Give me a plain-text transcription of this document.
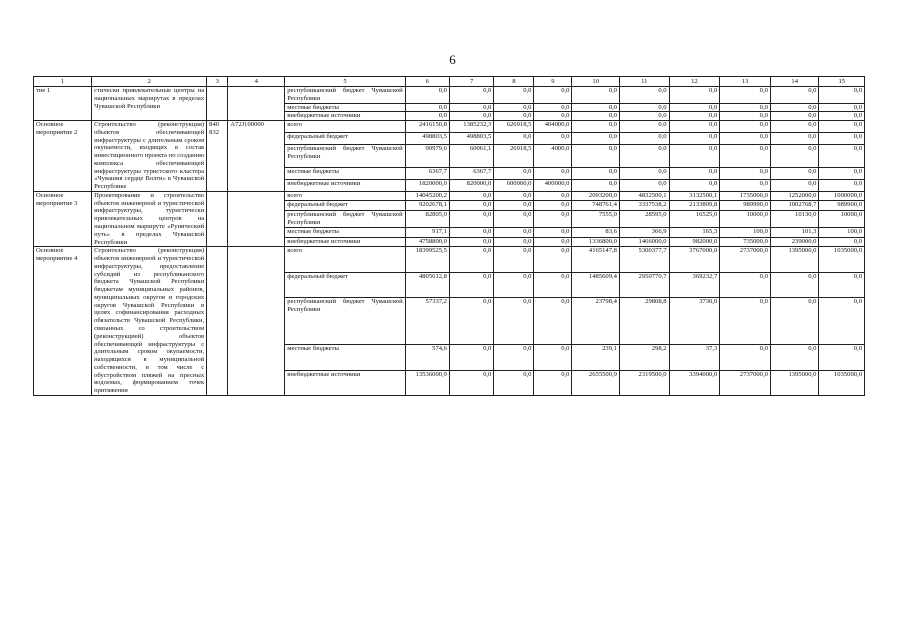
6
1	2	3	4	5	6	7	8	9	10	11	12	13	14	15
тие 1	стически привлекательные центры на национальных маршрутах в пределах Чувашской Республики			республиканский бюджет Чувашской Республики	0,0	0,0	0,0	0,0	0,0	0,0	0,0	0,0	0,0	0,0
				местные бюджеты	0,0	0,0	0,0	0,0	0,0	0,0	0,0	0,0	0,0	0,0
				внебюджетные источники	0,0	0,0	0,0	0,0	0,0	0,0	0,0	0,0	0,0	0,0
Основное мероприятие 2	Строительство (реконструкция) объектов обеспечивающей инфраструктуры с длительным сроком окупаемости, входящих в состав инвестиционного проекта по созданию комплекса обеспечивающей инфраструктуры туристского кластера «Чувашия сердце Волги» в Чувашской Республике	840 832	A72J100000	всего	2416150,8	1385232,3	626918,5	404000,0	0,0	0,0	0,0	0,0	0,0	0,0
				федеральный бюджет	498803,5	498803,5	0,0	0,0	0,0	0,0	0,0	0,0	0,0	0,0
				республиканский бюджет Чувашской Республики	90979,6	60061,1	26918,5	4000,0	0,0	0,0	0,0	0,0	0,0	0,0
				местные бюджеты	6367,7	6367,7	0,0	0,0	0,0	0,0	0,0	0,0	0,0	0,0
				внебюджетные источники	1820000,0	820000,0	600000,0	400000,0	0,0	0,0	0,0	0,0	0,0	0,0
Основное мероприятие 3	Проектирование и строительство объектов инженерной и туристической инфраструктуры, туристически привлекательных центров на национальном маршруте «Рунический путь» в пределах Чувашской Республики			всего	14045200,2	0,0	0,0	0,0	2093200,0	4832500,1	3132500,1	1735000,0	1252000,0	1000000,0
				федеральный бюджет	9202678,1	0,0	0,0	0,0	748761,4	3337538,2	2133809,8	989990,0	1002768,7	989900,0
				республиканский бюджет Чувашской Республики	82805,0	0,0	0,0	0,0	7555,0	28595,0	16525,0	10000,0	10130,0	10000,0
				местные бюджеты	917,1	0,0	0,0	0,0	83,6	366,9	165,3	100,0	101,3	100,0
				внебюджетные источники	4758800,0	0,0	0,0	0,0	1336800,0	1466000,0	982000,0	735000,0	239000,0	0,0
Основное мероприятие 4	Строительство (реконструкция) объектов инженерной и туристической инфраструктуры, предоставление субсидий из республиканского бюджета Чувашской Республики бюджетам муниципальных районов, муниципальных округов и городских округов Чувашской Республики в целях софинансирования расходных обязательств Чувашской Республики, связанных со строительством (реконструкцией) объектов обеспечивающей инфраструктуры с длительным сроком окупаемости, находящихся в муниципальной собственности, в том числе с обустройством пляжей на пресных водоемах, формированием точек притяжения			всего	18399525,5	0,0	0,0	0,0	4165147,8	5300377,7	3767000,0	2737000,0	1395000,0	1035000,0
				федеральный бюджет	4805612,8	0,0	0,0	0,0	1485609,4	2950770,7	369232,7	0,0	0,0	0,0
				республиканский бюджет Чувашской Республики	57337,2	0,0	0,0	0,0	23798,4	29808,8	3730,0	0,0	0,0	0,0
				местные бюджеты	574,6	0,0	0,0	0,0	239,1	298,2	37,3	0,0	0,0	0,0
				внебюджетные источники	13536000,9	0,0	0,0	0,0	2655500,9	2319500,0	3394000,0	2737000,0	1395000,0	1035000,0
